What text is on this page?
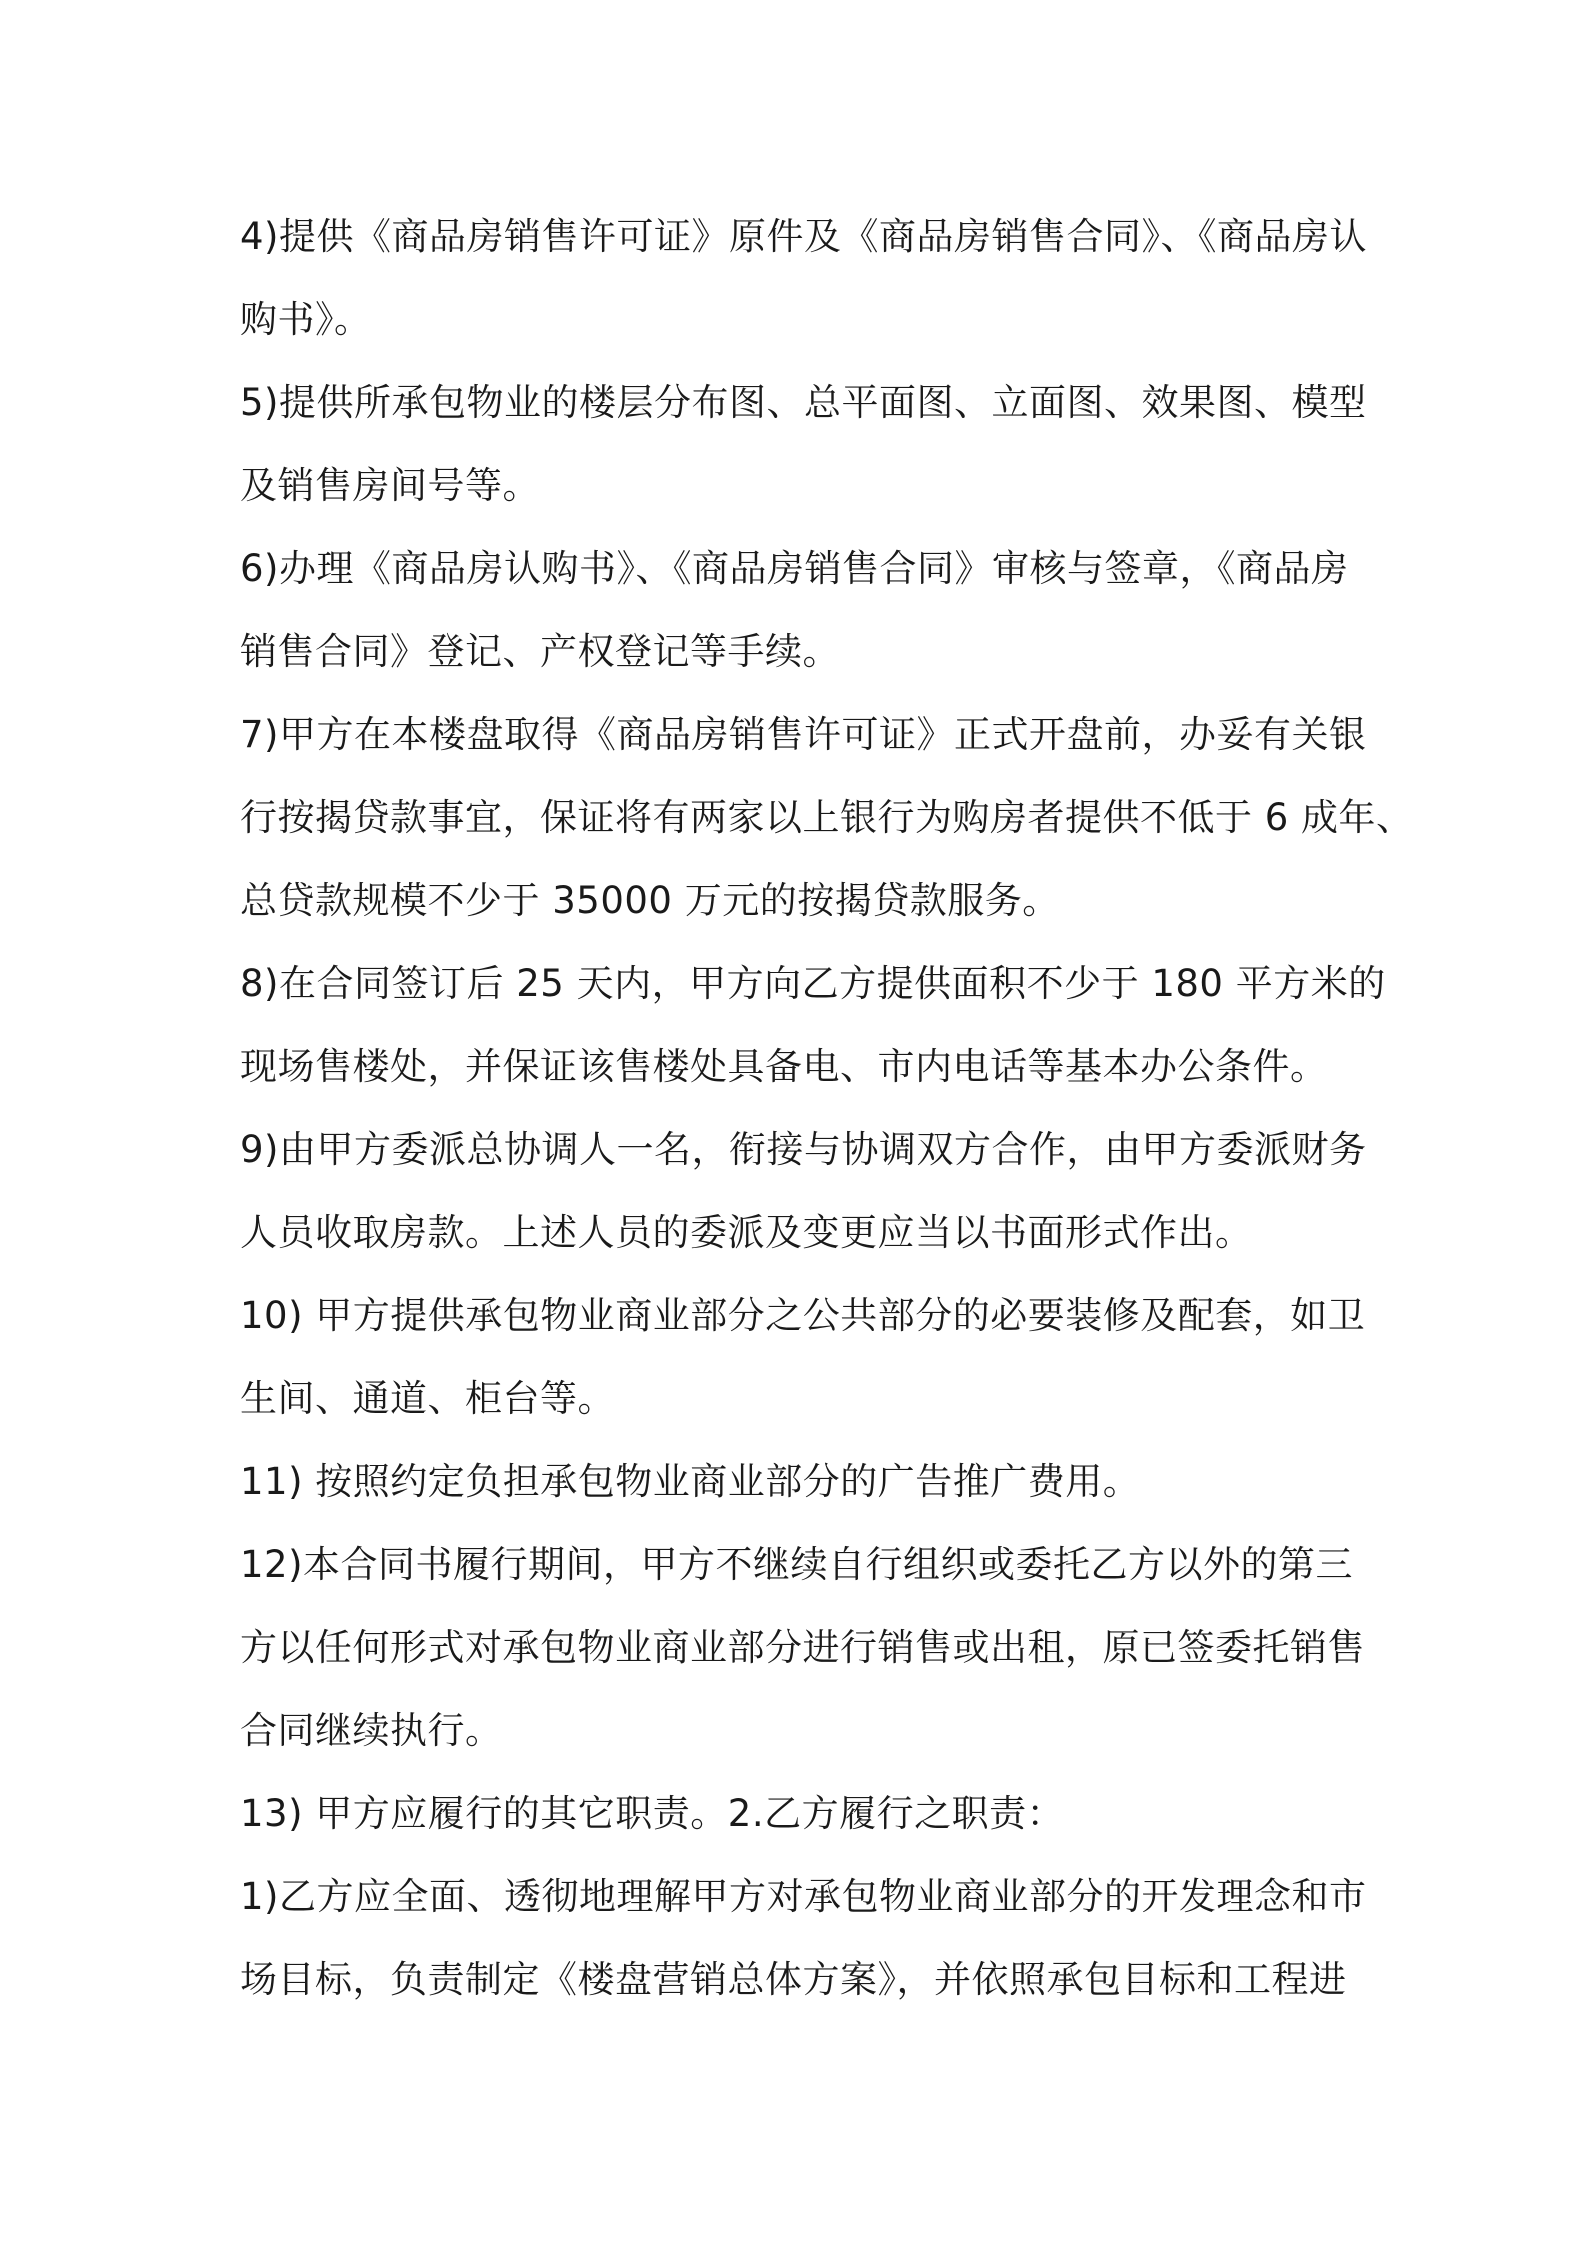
4)提供《商品房销售许可证》原件及《商品房销售合同》、《商品房认
购书》。
5)提供所承包物业的楼层分布图、总平面图、立面图、效果图、模型
及销售房间号等。
6)办理《商品房认购书》、《商品房销售合同》审核与签章，《商品房
销售合同》登记、产权登记等手续。
7)甲方在本楼盘取得《商品房销售许可证》正式开盘前，办妥有关银
行按揭贷款事宜，保证将有两家以上银行为购房者提供不低于 6 成年、
总贷款规模不少于 35000 万元的按揭贷款服务。
8)在合同签订后 25 天内，甲方向乙方提供面积不少于 180 平方米的
现场售楼处，并保证该售楼处具备电、市内电话等基本办公条件。
9)由甲方委派总协调人一名，衔接与协调双方合作，由甲方委派财务
人员收取房款。上述人员的委派及变更应当以书面形式作出。
10) 甲方提供承包物业商业部分之公共部分的必要装修及配套，如卫
生间、通道、柜台等。
11) 按照约定负担承包物业商业部分的广告推广费用。
12)本合同书履行期间，甲方不继续自行组织或委托乙方以外的第三
方以任何形式对承包物业商业部分进行销售或出租，原已签委托销售
合同继续执行。
13) 甲方应履行的其它职责。2.乙方履行之职责：
1)乙方应全面、透彻地理解甲方对承包物业商业部分的开发理念和市
场目标，负责制定《楼盘营销总体方案》，并依照承包目标和工程进
